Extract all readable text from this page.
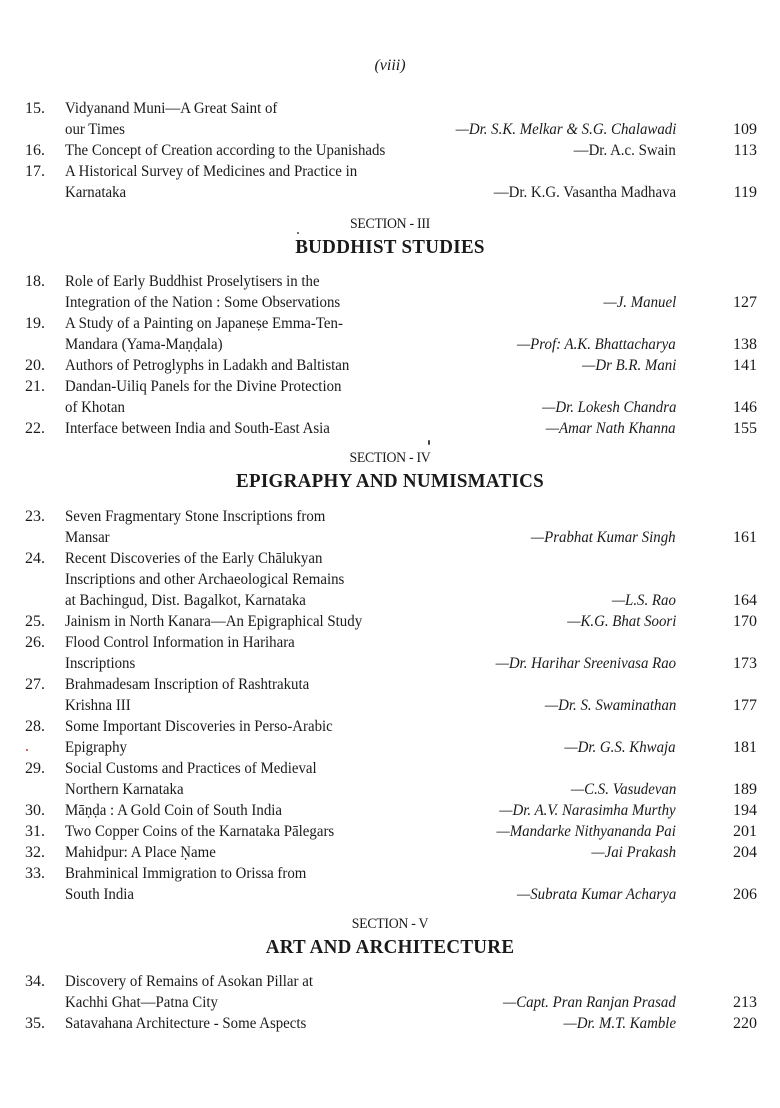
(viii)
15. Vidyanand Muni—A Great Saint of
our Times	—Dr. S.K. Melkar & S.G. Chalawadi	109
16. The Concept of Creation according to the Upanishads	—Dr. A.c. Swain	113
17. A Historical Survey of Medicines and Practice in
Karnataka	—Dr. K.G. Vasantha Madhava	119
SECTION - III
BUDDHIST STUDIES
18. Role of Early Buddhist Proselytisers in the
Integration of the Nation : Some Observations	—J. Manuel	127
19. A Study of a Painting on Japaneṣe Emma-Ten-
Mandara (Yama-Maṇḍala)	—Prof: A.K. Bhattacharya	138
20. Authors of Petroglyphs in Ladakh and Baltistan	—Dr B.R. Mani	141
21. Dandan-Uiliq Panels for the Divine Protection
of Khotan	—Dr. Lokesh Chandra	146
22. Interface between India and South-East Asia	—Amar Nath Khanna	155
SECTION - IV
EPIGRAPHY AND NUMISMATICS
23. Seven Fragmentary Stone Inscriptions from
Mansar	—Prabhat Kumar Singh	161
24. Recent Discoveries of the Early Chālukyan
Inscriptions and other Archaeological Remains
at Bachingud, Dist. Bagalkot, Karnataka	—L.S. Rao	164
25. Jainism in North Kanara—An Epigraphical Study	—K.G. Bhat Soori	170
26. Flood Control Information in Harihara
Inscriptions	—Dr. Harihar Sreenivasa Rao	173
27. Brahmadesam Inscription of Rashtrakuta
Krishna III	—Dr. S. Swaminathan	177
28. Some Important Discoveries in Perso-Arabic
Epigraphy	—Dr. G.S. Khwaja	181
29. Social Customs and Practices of Medieval
Northern Karnataka	—C.S. Vasudevan	189
30. Māṇḍa : A Gold Coin of South India	—Dr. A.V. Narasimha Murthy	194
31. Two Copper Coins of the Karnataka Pālegars	—Mandarke Nithyananda Pai	201
32. Mahidpur: A Place Ṇame	—Jai Prakash	204
33. Brahminical Immigration to Orissa from
South India	—Subrata Kumar Acharya	206
SECTION - V
ART AND ARCHITECTURE
34. Discovery of Remains of Asokan Pillar at
Kachhi Ghat—Patna City	—Capt. Pran Ranjan Prasad	213
35. Satavahana Architecture - Some Aspects	—Dr. M.T. Kamble	220
